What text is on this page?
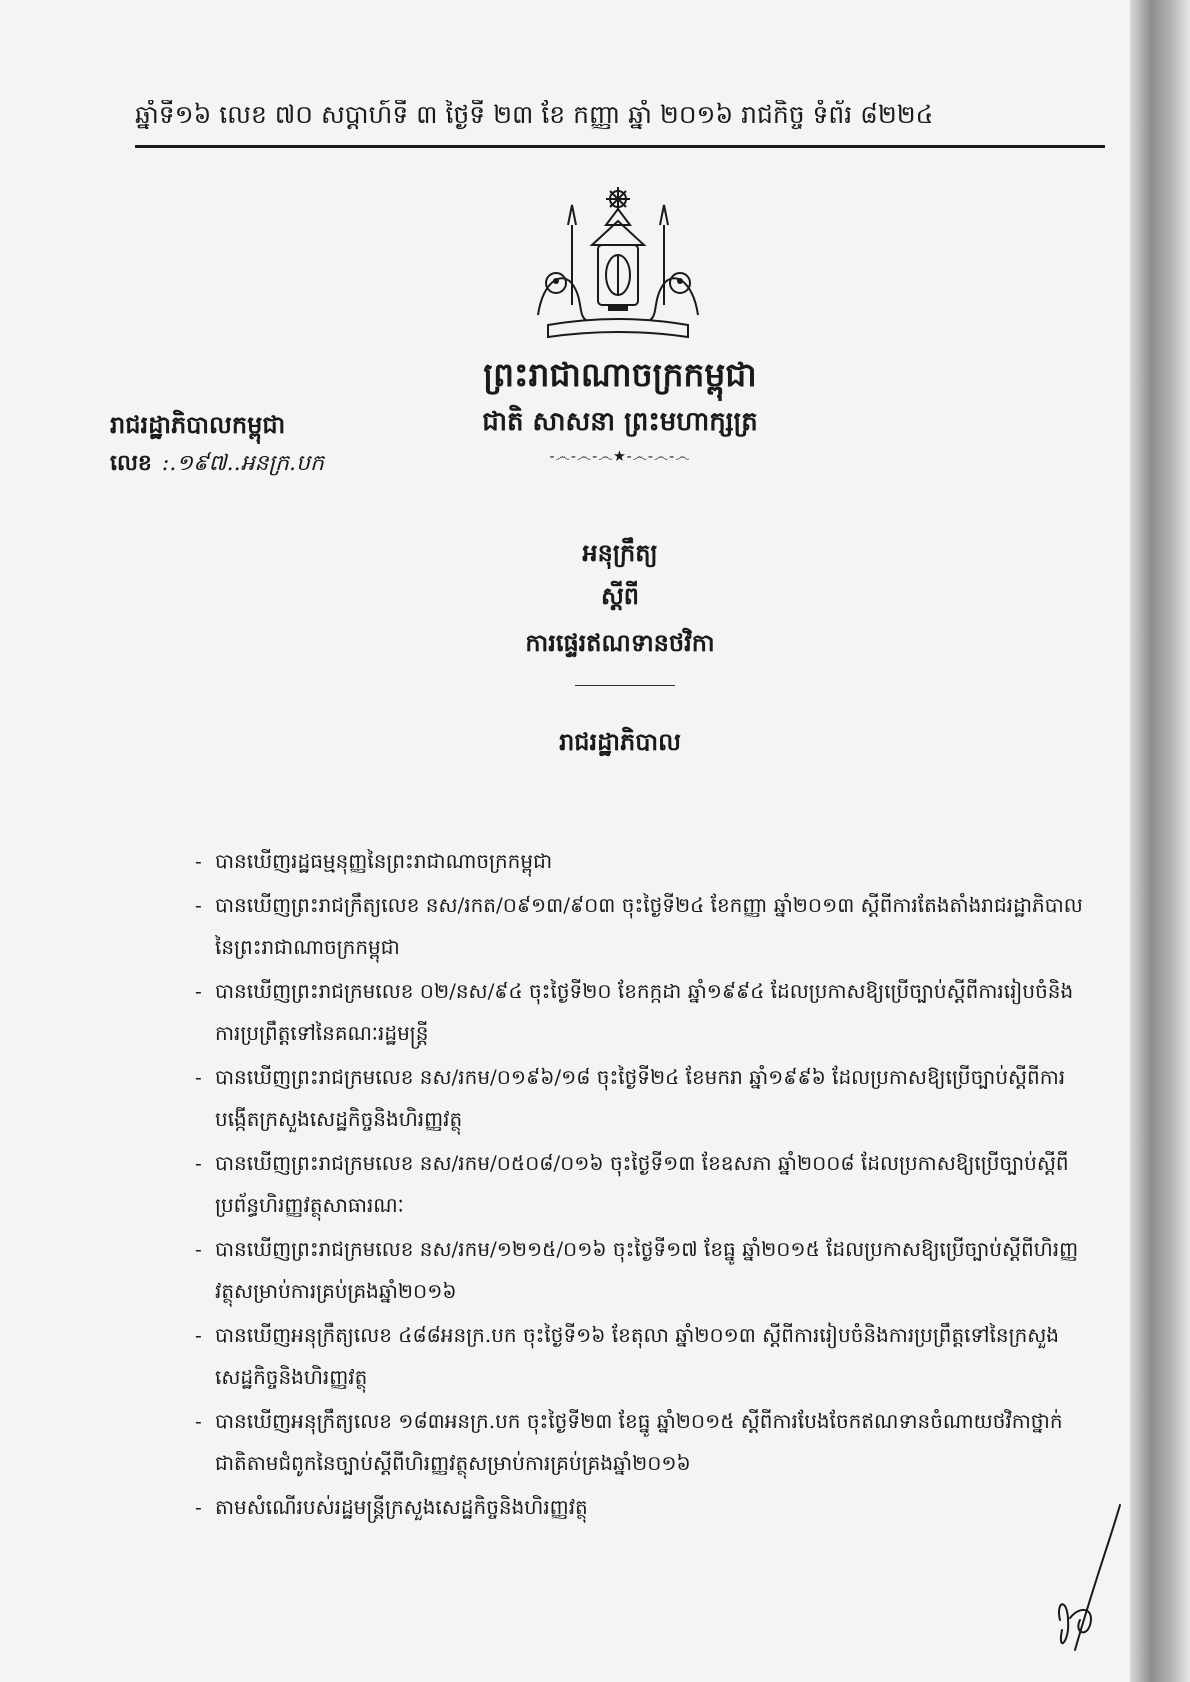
ឆ្នាំទី១៦ លេខ ៧០ សប្តាហ៍ទី ៣ ថ្ងៃទី ២៣ ខែ កញ្ញា ឆ្នាំ ២០១៦ រាជកិច្ច ទំព័រ ៨២២៤
ព្រះរាជាណាចក្រកម្ពុជា
ជាតិ សាសនា ព្រះមហាក្សត្រ
-෴-෴-෴★-෴-෴-෴
រាជរដ្ឋាភិបាលកម្ពុជា
លេខ :.១៩៧..អនក្រ.បក
អនុក្រឹត្យ
ស្តីពី
ការផ្ទេរឥណទានថវិកា
រាជរដ្ឋាភិបាល
- បានឃើញរដ្ឋធម្មនុញ្ញនៃព្រះរាជាណាចក្រកម្ពុជា
- បានឃើញព្រះរាជក្រឹត្យលេខ នស/រកត/០៩១៣/៩០៣ ចុះថ្ងៃទី២៤ ខែកញ្ញា ឆ្នាំ២០១៣ ស្តីពីការតែងតាំងរាជរដ្ឋាភិបាលនៃព្រះរាជាណាចក្រកម្ពុជា
- បានឃើញព្រះរាជក្រមលេខ ០២/នស/៩៤ ចុះថ្ងៃទី២០ ខែកក្កដា ឆ្នាំ១៩៩៤ ដែលប្រកាសឱ្យប្រើច្បាប់ស្តីពីការរៀបចំនិងការប្រព្រឹត្តទៅនៃគណៈរដ្ឋមន្ត្រី
- បានឃើញព្រះរាជក្រមលេខ នស/រកម/០១៩៦/១៨ ចុះថ្ងៃទី២៤ ខែមករា ឆ្នាំ១៩៩៦ ដែលប្រកាសឱ្យប្រើច្បាប់ស្តីពីការបង្កើតក្រសួងសេដ្ឋកិច្ចនិងហិរញ្ញវត្ថុ
- បានឃើញព្រះរាជក្រមលេខ នស/រកម/០៥០៨/០១៦ ចុះថ្ងៃទី១៣ ខែឧសភា ឆ្នាំ២០០៨ ដែលប្រកាសឱ្យប្រើច្បាប់ស្តីពីប្រព័ន្ធហិរញ្ញវត្ថុសាធារណៈ
- បានឃើញព្រះរាជក្រមលេខ នស/រកម/១២១៥/០១៦ ចុះថ្ងៃទី១៧ ខែធ្នូ ឆ្នាំ២០១៥ ដែលប្រកាសឱ្យប្រើច្បាប់ស្តីពីហិរញ្ញវត្ថុសម្រាប់ការគ្រប់គ្រងឆ្នាំ២០១៦
- បានឃើញអនុក្រឹត្យលេខ ៤៨៨អនក្រ.បក ចុះថ្ងៃទី១៦ ខែតុលា ឆ្នាំ២០១៣ ស្តីពីការរៀបចំនិងការប្រព្រឹត្តទៅនៃក្រសួងសេដ្ឋកិច្ចនិងហិរញ្ញវត្ថុ
- បានឃើញអនុក្រឹត្យលេខ ១៨៣អនក្រ.បក ចុះថ្ងៃទី២៣ ខែធ្នូ ឆ្នាំ២០១៥ ស្តីពីការបែងចែកឥណទានចំណាយថវិកាថ្នាក់ជាតិតាមជំពូកនៃច្បាប់ស្តីពីហិរញ្ញវត្ថុសម្រាប់ការគ្រប់គ្រងឆ្នាំ២០១៦
- តាមសំណើរបស់រដ្ឋមន្ត្រីក្រសួងសេដ្ឋកិច្ចនិងហិរញ្ញវត្ថុ
